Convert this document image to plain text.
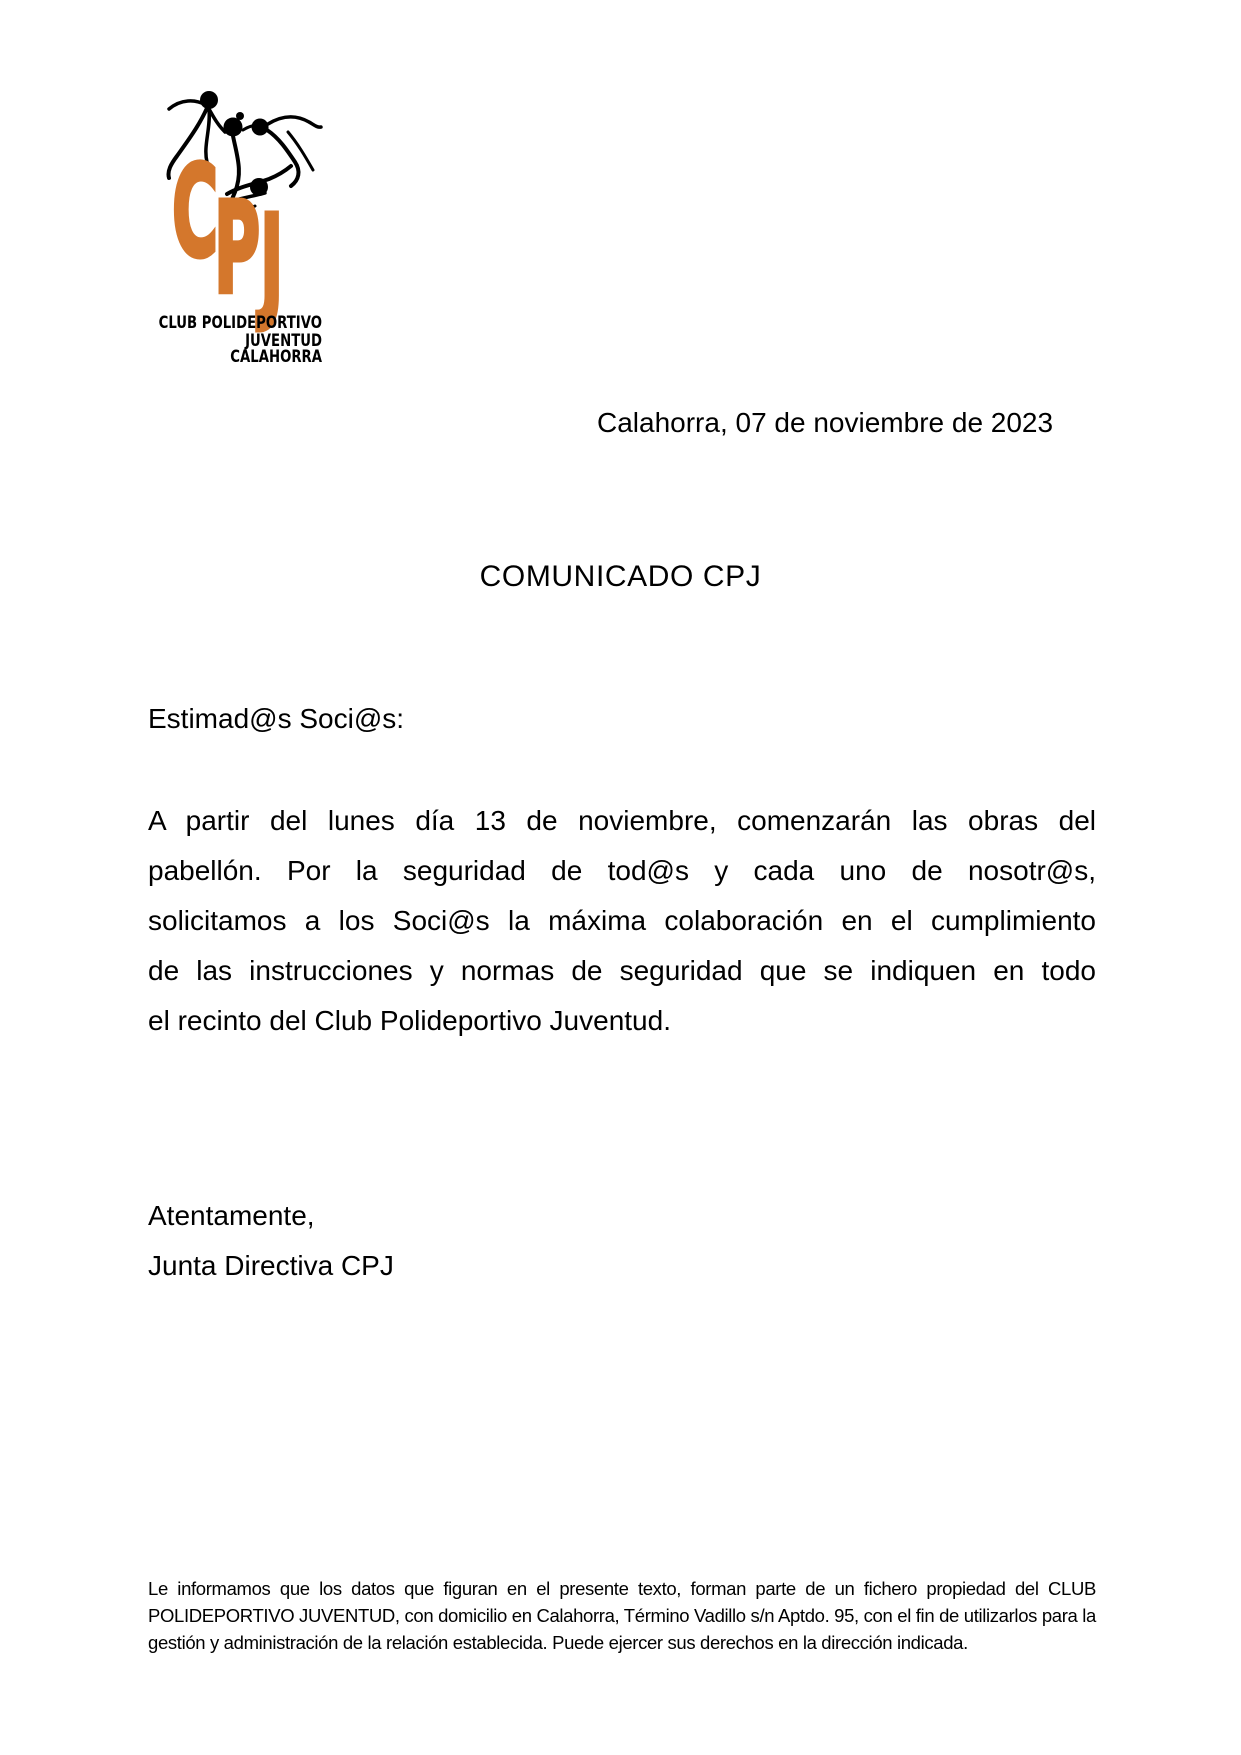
C
P J
CLUB POLIDEPORTIVO
JUVENTUD
CALAHORRA
Calahorra, 07 de noviembre de 2023
COMUNICADO CPJ
Estimad@s Soci@s:
A partir del lunes día 13 de noviembre, comenzarán las obras del
pabellón. Por la seguridad de tod@s y cada uno de nosotr@s,
solicitamos a los Soci@s la máxima colaboración en el cumplimiento
de las instrucciones y normas de seguridad que se indiquen en todo
el recinto del Club Polideportivo Juventud.
Atentamente,
Junta Directiva CPJ
Le informamos que los datos que figuran en el presente texto, forman parte de un fichero propiedad del CLUB POLIDEPORTIVO JUVENTUD, con domicilio en Calahorra, Término Vadillo s/n Aptdo. 95, con el fin de utilizarlos para la gestión y administración de la relación establecida. Puede ejercer sus derechos en la dirección indicada.
